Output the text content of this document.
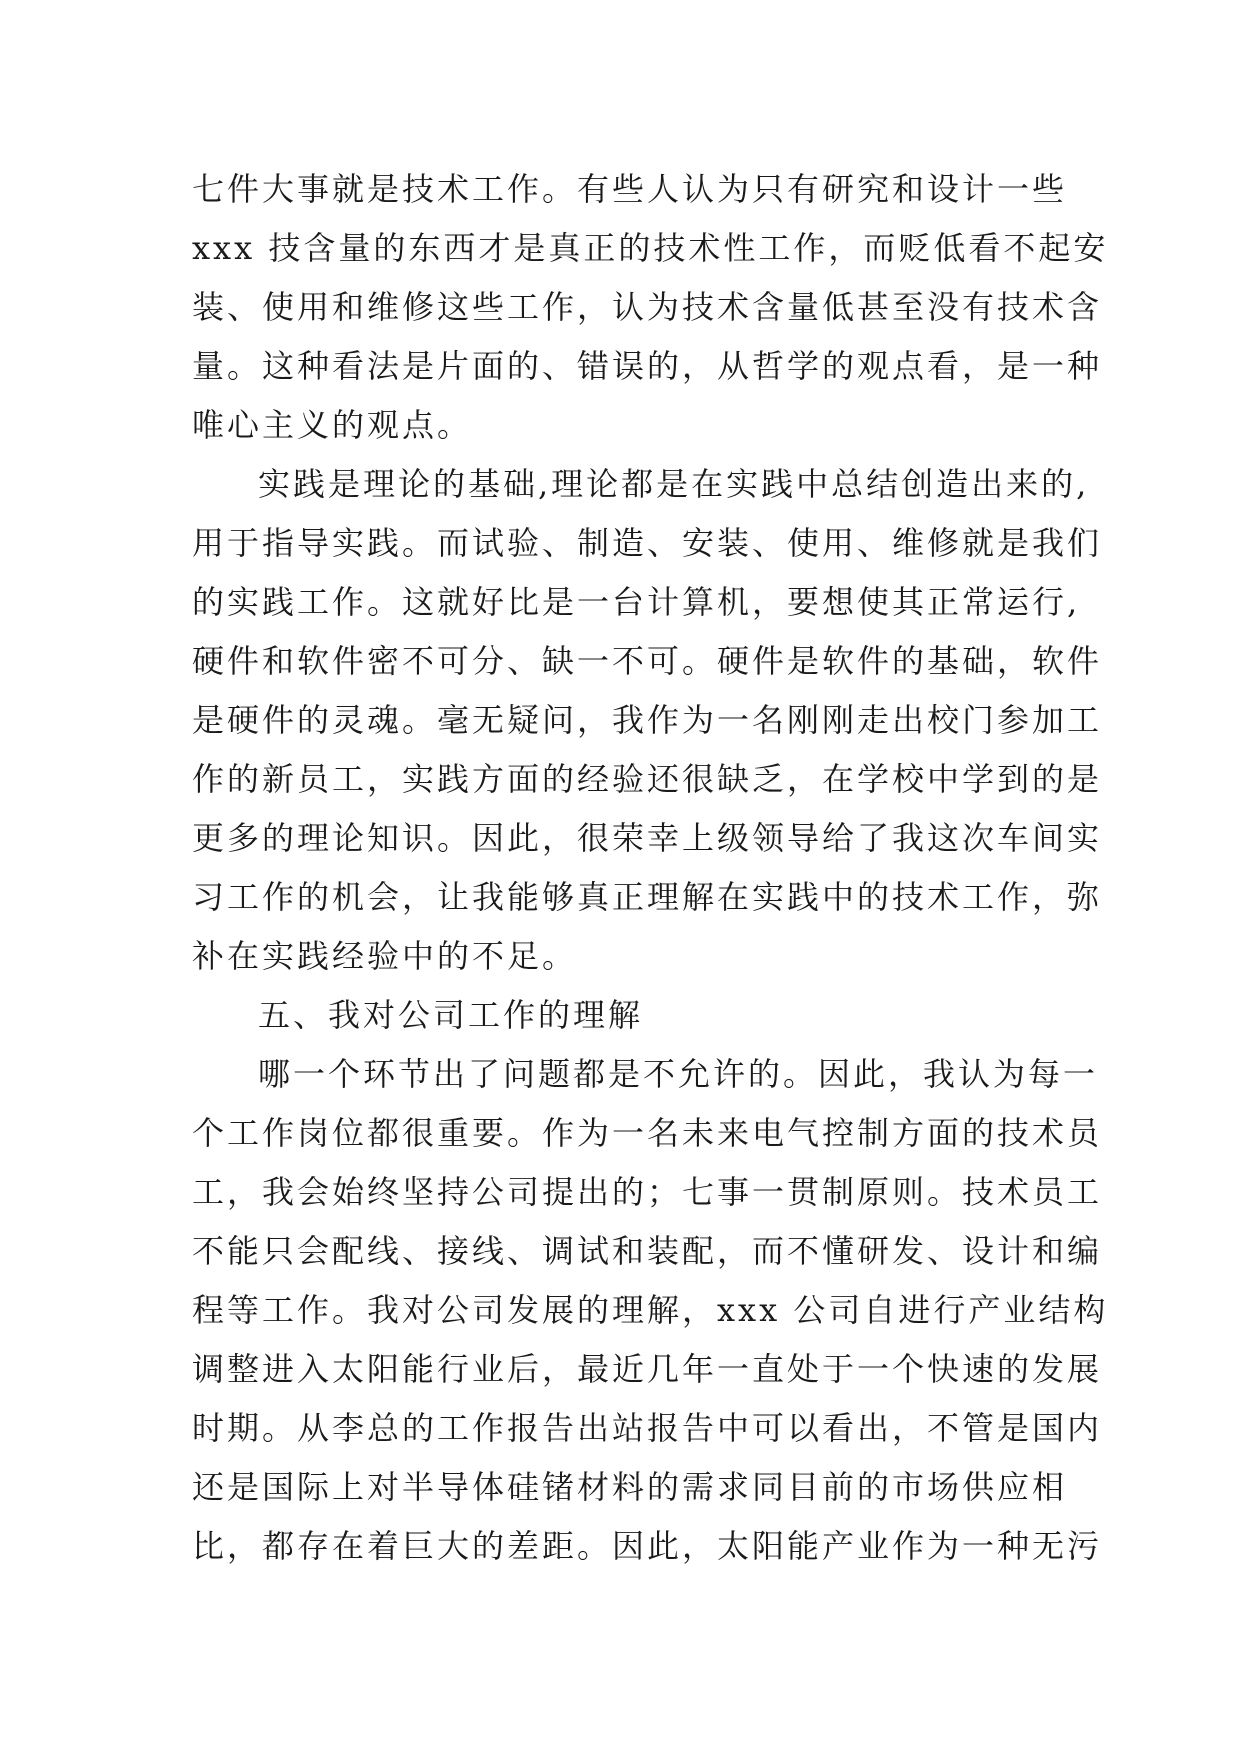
七件大事就是技术工作。有些人认为只有研究和设计一些
xxx 技含量的东西才是真正的技术性工作，而贬低看不起安
装、使用和维修这些工作，认为技术含量低甚至没有技术含
量。这种看法是片面的、错误的，从哲学的观点看，是一种
唯心主义的观点。
实践是理论的基础,理论都是在实践中总结创造出来的,
用于指导实践。而试验、制造、安装、使用、维修就是我们
的实践工作。这就好比是一台计算机，要想使其正常运行,
硬件和软件密不可分、缺一不可。硬件是软件的基础，软件
是硬件的灵魂。毫无疑问，我作为一名刚刚走出校门参加工
作的新员工，实践方面的经验还很缺乏，在学校中学到的是
更多的理论知识。因此，很荣幸上级领导给了我这次车间实
习工作的机会，让我能够真正理解在实践中的技术工作，弥
补在实践经验中的不足。
五、我对公司工作的理解
哪一个环节出了问题都是不允许的。因此，我认为每一
个工作岗位都很重要。作为一名未来电气控制方面的技术员
工，我会始终坚持公司提出的；七事一贯制原则。技术员工
不能只会配线、接线、调试和装配，而不懂研发、设计和编
程等工作。我对公司发展的理解，xxx 公司自进行产业结构
调整进入太阳能行业后，最近几年一直处于一个快速的发展
时期。从李总的工作报告出站报告中可以看出，不管是国内
还是国际上对半导体硅锗材料的需求同目前的市场供应相
比，都存在着巨大的差距。因此，太阳能产业作为一种无污
